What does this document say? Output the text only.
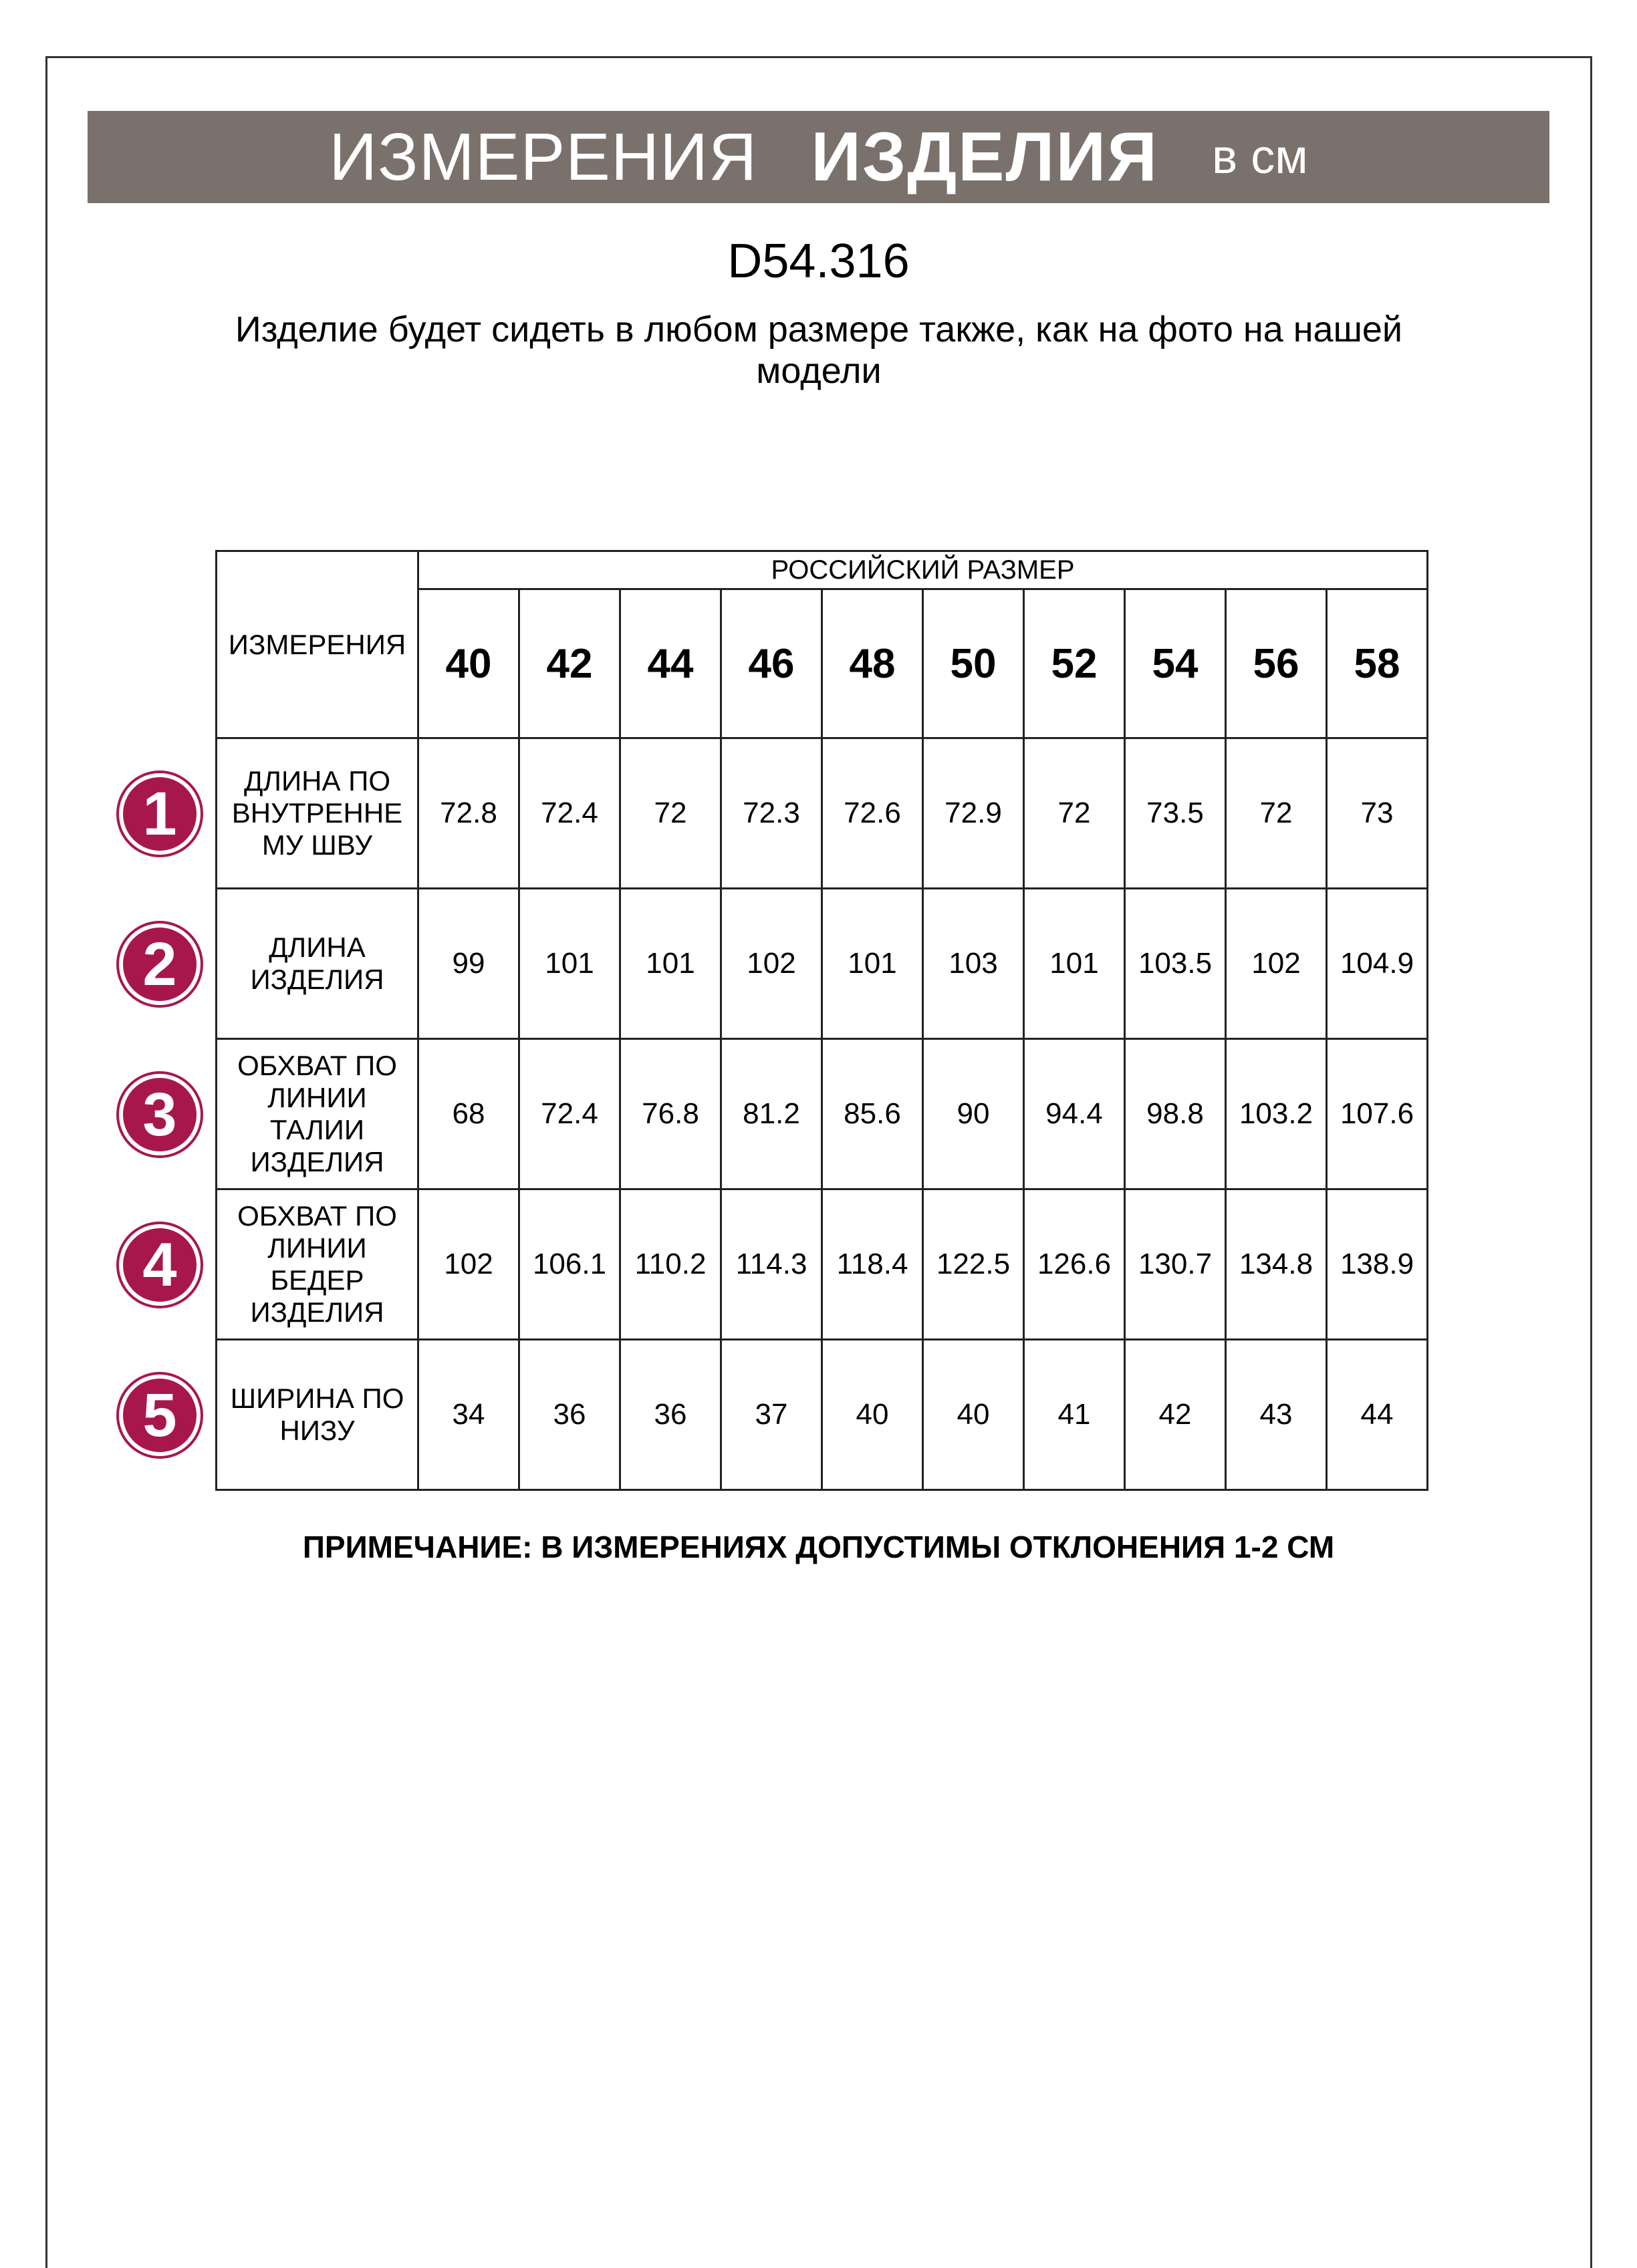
ИЗМЕРЕНИЯ ИЗДЕЛИЯ в см
D54.316
Изделие будет сидеть в любом размере также, как на фото на нашей модели
ИЗМЕРЕНИЯ	РОССИЙСКИЙ РАЗМЕР									
	40	42	44	46	48	50	52	54	56	58
ДЛИНА ПО ВНУТРЕННЕ МУ ШВУ	72.8	72.4	72	72.3	72.6	72.9	72	73.5	72	73
ДЛИНА ИЗДЕЛИЯ	99	101	101	102	101	103	101	103.5	102	104.9
ОБХВАТ ПО ЛИНИИ ТАЛИИ ИЗДЕЛИЯ	68	72.4	76.8	81.2	85.6	90	94.4	98.8	103.2	107.6
ОБХВАТ ПО ЛИНИИ БЕДЕР ИЗДЕЛИЯ	102	106.1	110.2	114.3	118.4	122.5	126.6	130.7	134.8	138.9
ШИРИНА ПО НИЗУ	34	36	36	37	40	40	41	42	43	44
1
2
3
4
5
ПРИМЕЧАНИЕ: В ИЗМЕРЕНИЯХ ДОПУСТИМЫ ОТКЛОНЕНИЯ 1-2 СМ
